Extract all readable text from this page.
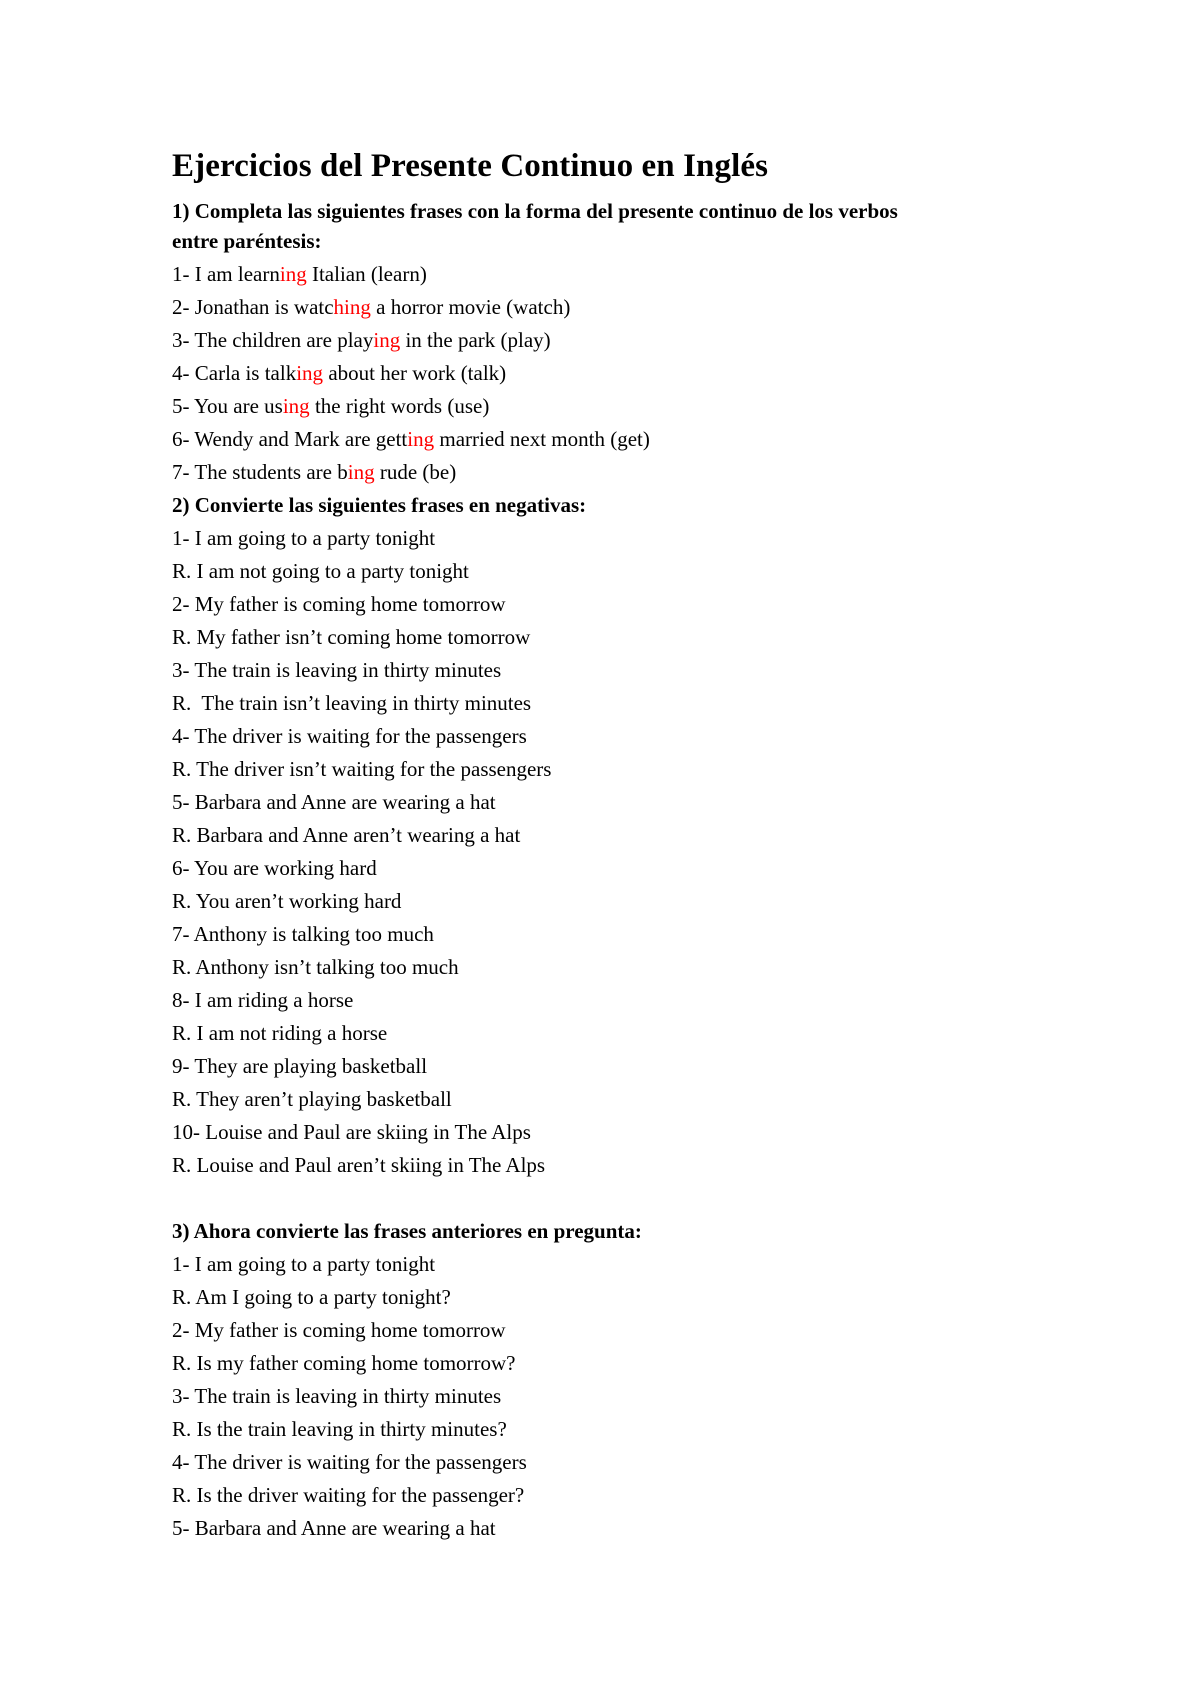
Ejercicios del Presente Continuo en Inglés

1) Completa las siguientes frases con la forma del presente continuo de los verbos

entre paréntesis:

1- I am learning Italian (learn)

2- Jonathan is watching a horror movie (watch)

3- The children are playing in the park (play)

4- Carla is talking about her work (talk)

5- You are using the right words (use)

6- Wendy and Mark are getting married next month (get)

7- The students are bing rude (be)

2) Convierte las siguientes frases en negativas:

1- I am going to a party tonight

R. I am not going to a party tonight

2- My father is coming home tomorrow

R. My father isn’t coming home tomorrow

3- The train is leaving in thirty minutes

R.  The train isn’t leaving in thirty minutes

4- The driver is waiting for the passengers

R. The driver isn’t waiting for the passengers

5- Barbara and Anne are wearing a hat

R. Barbara and Anne aren’t wearing a hat

6- You are working hard

R. You aren’t working hard

7- Anthony is talking too much

R. Anthony isn’t talking too much

8- I am riding a horse

R. I am not riding a horse

9- They are playing basketball

R. They aren’t playing basketball

10- Louise and Paul are skiing in The Alps

R. Louise and Paul aren’t skiing in The Alps

3) Ahora convierte las frases anteriores en pregunta:

1- I am going to a party tonight

R. Am I going to a party tonight?

2- My father is coming home tomorrow

R. Is my father coming home tomorrow?

3- The train is leaving in thirty minutes

R. Is the train leaving in thirty minutes?

4- The driver is waiting for the passengers

R. Is the driver waiting for the passenger?

5- Barbara and Anne are wearing a hat
